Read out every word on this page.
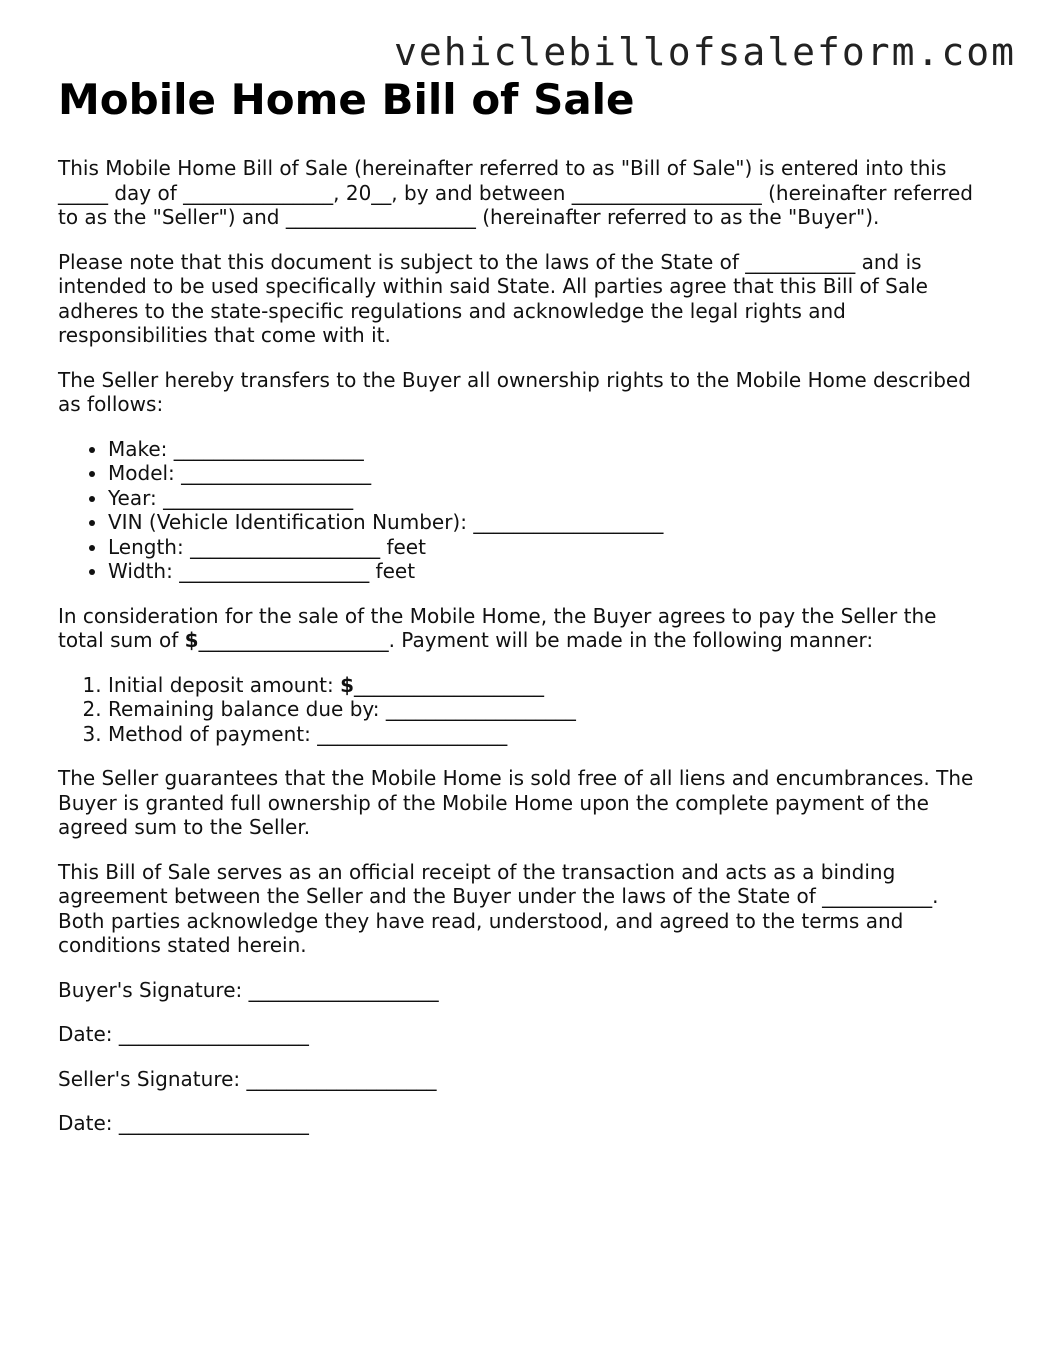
vehiclebillofsaleform.com
Mobile Home Bill of Sale

This Mobile Home Bill of Sale (hereinafter referred to as "Bill of Sale") is entered into this _____ day of _______________, 20__, by and between ___________________ (hereinafter referred to as the "Seller") and ___________________ (hereinafter referred to as the "Buyer").

Please note that this document is subject to the laws of the State of ___________ and is intended to be used specifically within said State. All parties agree that this Bill of Sale adheres to the state-specific regulations and acknowledge the legal rights and responsibilities that come with it.

The Seller hereby transfers to the Buyer all ownership rights to the Mobile Home described as follows:

• Make: ___________________
• Model: ___________________
• Year: ___________________
• VIN (Vehicle Identification Number): ___________________
• Length: ___________________ feet
• Width: ___________________ feet

In consideration for the sale of the Mobile Home, the Buyer agrees to pay the Seller the total sum of $___________________. Payment will be made in the following manner:

1. Initial deposit amount: $___________________
2. Remaining balance due by: ___________________
3. Method of payment: ___________________

The Seller guarantees that the Mobile Home is sold free of all liens and encumbrances. The Buyer is granted full ownership of the Mobile Home upon the complete payment of the agreed sum to the Seller.

This Bill of Sale serves as an official receipt of the transaction and acts as a binding agreement between the Seller and the Buyer under the laws of the State of ___________. Both parties acknowledge they have read, understood, and agreed to the terms and conditions stated herein.

Buyer's Signature: ___________________
Date: ___________________
Seller's Signature: ___________________
Date: ___________________
